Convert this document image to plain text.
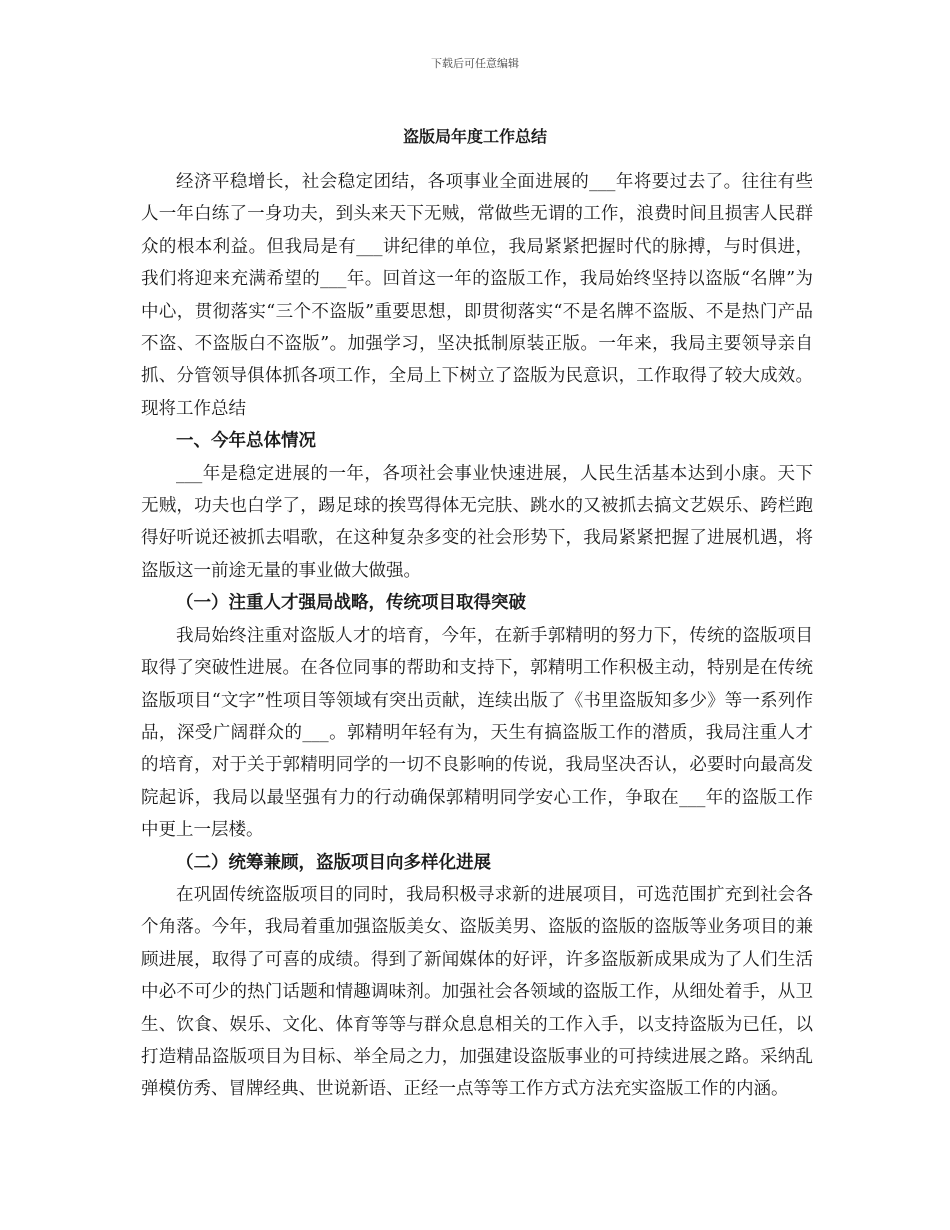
下载后可任意编辑
盗版局年度工作总结

经济平稳增长，社会稳定团结，各项事业全面进展的___年将要过去了。往往有些人一年白练了一身功夫，到头来天下无贼，常做些无谓的工作，浪费时间且损害人民群众的根本利益。但我局是有___讲纪律的单位，我局紧紧把握时代的脉搏，与时俱进，我们将迎来充满希望的___年。回首这一年的盗版工作，我局始终坚持以盗版“名牌”为中心，贯彻落实“三个不盗版”重要思想，即贯彻落实“不是名牌不盗版、不是热门产品不盗、不盗版白不盗版”。加强学习，坚决抵制原装正版。一年来，我局主要领导亲自抓、分管领导俱体抓各项工作，全局上下树立了盗版为民意识，工作取得了较大成效。现将工作总结

一、今年总体情况

___年是稳定进展的一年，各项社会事业快速进展，人民生活基本达到小康。天下无贼，功夫也白学了，踢足球的挨骂得体无完肤、跳水的又被抓去搞文艺娱乐、跨栏跑得好听说还被抓去唱歌，在这种复杂多变的社会形势下，我局紧紧把握了进展机遇，将盗版这一前途无量的事业做大做强。

（一）注重人才强局战略，传统项目取得突破

我局始终注重对盗版人才的培育，今年，在新手郭精明的努力下，传统的盗版项目取得了突破性进展。在各位同事的帮助和支持下，郭精明工作积极主动，特别是在传统盗版项目“文字”性项目等领域有突出贡献，连续出版了《书里盗版知多少》等一系列作品，深受广阔群众的___。郭精明年轻有为，天生有搞盗版工作的潜质，我局注重人才的培育，对于关于郭精明同学的一切不良影响的传说，我局坚决否认，必要时向最高发院起诉，我局以最坚强有力的行动确保郭精明同学安心工作，争取在___年的盗版工作中更上一层楼。

（二）统筹兼顾，盗版项目向多样化进展

在巩固传统盗版项目的同时，我局积极寻求新的进展项目，可选范围扩充到社会各个角落。今年，我局着重加强盗版美女、盗版美男、盗版的盗版的盗版等业务项目的兼顾进展，取得了可喜的成绩。得到了新闻媒体的好评，许多盗版新成果成为了人们生活中必不可少的热门话题和情趣调味剂。加强社会各领域的盗版工作，从细处着手，从卫生、饮食、娱乐、文化、体育等等与群众息息相关的工作入手，以支持盗版为已任，以打造精品盗版项目为目标、举全局之力，加强建设盗版事业的可持续进展之路。采纳乱弹模仿秀、冒牌经典、世说新语、正经一点等等工作方式方法充实盗版工作的内涵。
